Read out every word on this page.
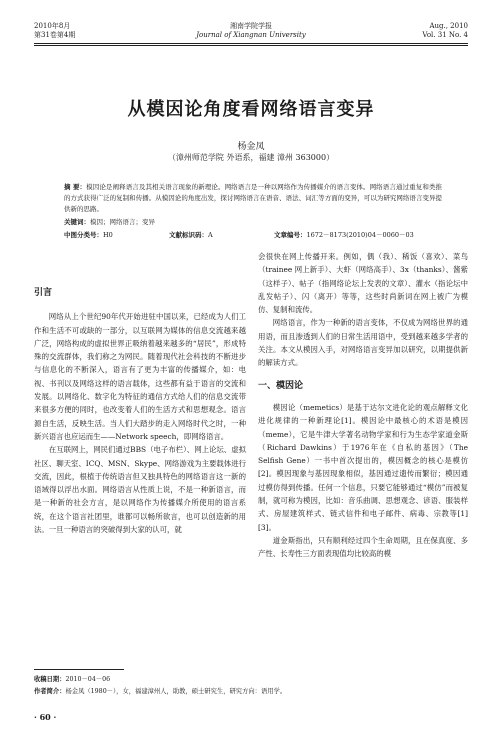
2010年8月
第31卷第4期
湘南学院学报
Journal of Xiangnan University
Aug., 2010
Vol. 31 No. 4
从模因论角度看网络语言变异
杨金凤
（漳州师范学院 外语系，福建 漳州 363000）
摘 要：模因论是阐释语言及其相关语言现象的新理论。网络语言是一种以网络作为传播媒介的语言变体。网络语言通过重复和类推的方式获得广泛的复制和传播。从模因论的角度出发，探讨网络语言在语音、语法、词汇等方面的变异，可以为研究网络语言变异提供新的思路。
关键词：模因；网络语言；变异
中图分类号：H0	文献标识码：A	文章编号：1672－8173(2010)04－0060－03
引言

网络从上个世纪90年代开始进驻中国以来，已经成为人们工作和生活不可或缺的一部分，以互联网为媒体的信息交流越来越广泛，网络构成的虚拟世界正吸纳着越来越多的“居民”，形成特殊的交流群体，我们称之为网民。随着现代社会科技的不断进步与信息化的不断深入，语言有了更为丰富的传播媒介，如：电视、书刊以及网络这样的语言载体，这些都有益于语言的交流和发展。以网络化、数字化为特征的通信方式给人们的信息交流带来很多方便的同时，也改变着人们的生活方式和思想观念。语言源自生活，反映生活。当人们大踏步的走入网络时代之时，一种新兴语言也应运而生——Network speech，即网络语言。

在互联网上，网民们通过BBS（电子布栏）、网上论坛、虚拟社区、聊天室、ICQ、MSN、Skype、网络游戏为主要载体进行交流，因此，根植于传统语言但又独具特色的网络语言这一新的语域得以浮出水面。网络语言从性质上说，不是一种新语言，而是一种新的社会方言，是以网络作为传播媒介所使用的语言系统，在这个语言社团里，谁都可以畅所欲言，也可以创造新的用法。一旦一种语言的突破得到大家的认可，就

会很快在网上传播开来。例如，偶（我）、稀饭（喜欢）、菜鸟（trainee 网上新手）、大虾（网络高手）、3x（thanks）、酱紫（这样子）、帖子（指网络论坛上发表的文章）、灌水（指论坛中乱发帖子）、闪（离开）等等，这些时尚新词在网上被广为模仿、复制和流传。

网络语言，作为一种新的语言变体，不仅成为网络世界的通用语，而且渗透到人们的日常生活用语中，受到越来越多学者的关注。本文从模因入手，对网络语言变异加以研究，以期提供新的解读方式。

一、模因论

模因论（memetics）是基于达尔文进化论的观点解释文化进化规律的一种新理论[1]。模因论中最核心的术语是模因（meme），它是牛津大学著名动物学家和行为生态学家道金斯（Richard Dawkins）于1976年在《自私的基因》（The Selfish Gene）一书中首次提出的，模因概念的核心是模仿[2]。模因现象与基因现象相似，基因通过遗传而繁衍；模因通过模仿得到传播。任何一个信息，只要它能够通过“模仿”而被复制，就可称为模因，比如：音乐曲调、思想观念、谚语、服装样式、房屋建筑样式、链式信件和电子邮件、病毒、宗教等[1][3]。

道金斯指出，只有顺利经过四个生命周期，且在保真度、多产性、长寿性三方面表现值均比较高的模

收稿日期：2010－04－06
作者简介：杨金凤（1980－），女，福建漳州人，助教，硕士研究生，研究方向：语用学。
· 60 ·
